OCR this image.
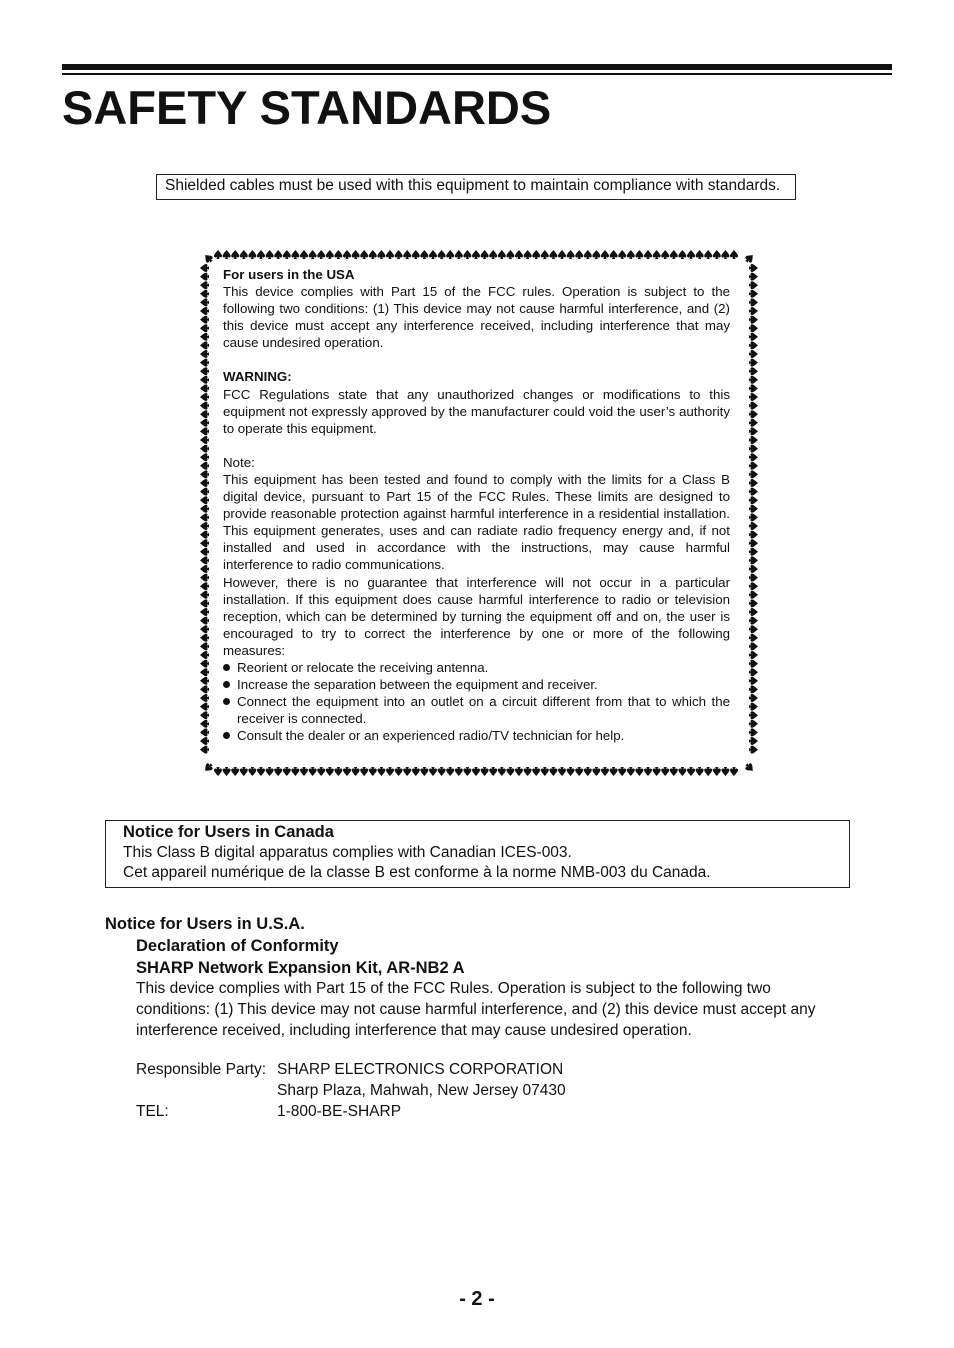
SAFETY STANDARDS
Shielded cables must be used with this equipment to maintain compliance with standards.

For users in the USA

This device complies with Part 15 of the FCC rules. Operation is subject to the following two conditions: (1) This device may not cause harmful interference, and (2) this device must accept any interference received, including interference that may cause undesired operation.

WARNING:

FCC Regulations state that any unauthorized changes or modifications to this equipment not expressly approved by the manufacturer could void the user’s authority to operate this equipment.

Note:

This equipment has been tested and found to comply with the limits for a Class B digital device, pursuant to Part 15 of the FCC Rules. These limits are designed to provide reasonable protection against harmful interference in a residential installation. This equipment generates, uses and can radiate radio frequency energy and, if not installed and used in accordance with the instructions, may cause harmful interference to radio communications.

However, there is no guarantee that interference will not occur in a particular installation. If this equipment does cause harmful interference to radio or television reception, which can be determined by turning the equipment off and on, the user is encouraged to try to correct the interference by one or more of the following measures:

Reorient or relocate the receiving antenna.
Increase the separation between the equipment and receiver.
Connect the equipment into an outlet on a circuit different from that to which the receiver is connected.
Consult the dealer or an experienced radio/TV technician for help.
Notice for Users in Canada
This Class B digital apparatus complies with Canadian ICES-003.
Cet appareil numérique de la classe B est conforme à la norme NMB-003 du Canada.
Notice for Users in U.S.A.
Declaration of Conformity
SHARP Network Expansion Kit, AR-NB2 A
This device complies with Part 15 of the FCC Rules. Operation is subject to the following two conditions: (1) This device may not cause harmful interference, and (2) this device must accept any interference received, including interference that may cause undesired operation.
Responsible Party: SHARP ELECTRONICS CORPORATION
Sharp Plaza, Mahwah, New Jersey 07430
TEL:	1-800-BE-SHARP
- 2 -
